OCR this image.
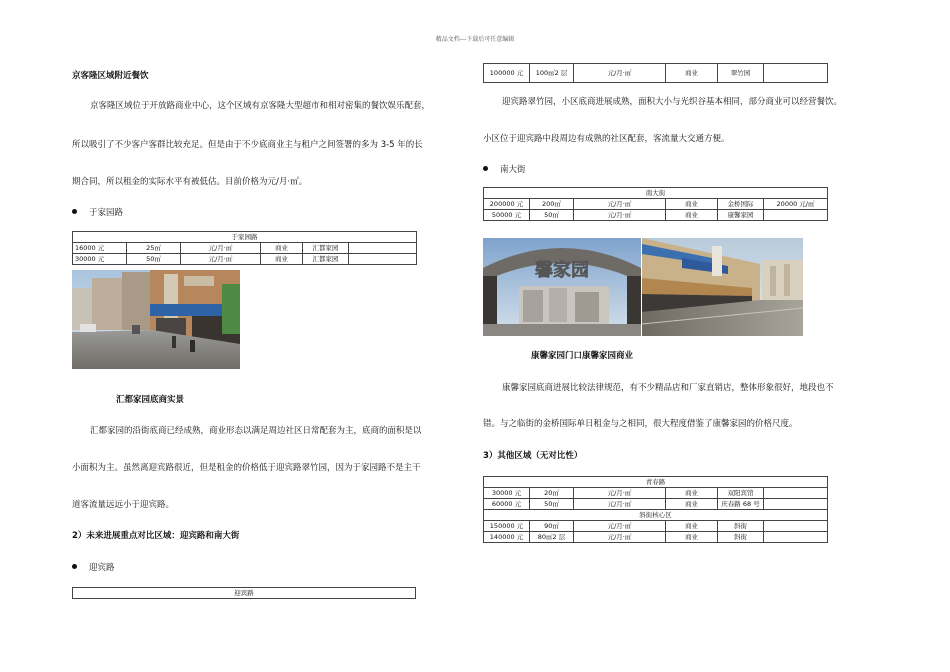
精品文档---下载后可任意编辑
京客隆区域附近餐饮
京客隆区域位于开放路商业中心，这个区域有京客隆大型超市和相对密集的餐饮娱乐配套，
所以吸引了不少客户客群比较充足。但是由于不少底商业主与租户之间签署的多为 3-5 年的长
期合同，所以租金的实际水平有被低估。目前价格为元/月·㎡。
于家园路
于家园路					
16000 元	25㎡	元/月·㎡	商业	汇都家园	
30000 元	50㎡	元/月·㎡	商业	汇都家园	
汇都家园底商实景
汇都家园的沿街底商已经成熟，商业形态以满足周边社区日常配套为主，底商的面积是以
小面积为主。虽然离迎宾路很近，但是租金的价格低于迎宾路翠竹园，因为于家园路不是主干
道客流量远远小于迎宾路。
2）未来进展重点对比区域：迎宾路和南大街
迎宾路
迎宾路
100000 元	100㎡2 层	元/月·㎡	商业	翠竹园	
迎宾路翠竹园，小区底商进展成熟，面积大小与光织谷基本相同，部分商业可以经营餐饮。
小区位于迎宾路中段周边有成熟的社区配套，客流量大交通方便。
南大街
南大街					
200000 元	200㎡	元/月·㎡	商业	金桥国际	20000 元/㎡
50000 元	50㎡	元/月·㎡	商业	康馨家园	
馨家园
康馨家园门口康馨家园商业
康馨家园底商进展比较法律规范，有不少精品店和厂家直销店，整体形象很好，地段也不
错。与之临街的金桥国际单日租金与之相同，很大程度借鉴了康馨家园的价格尺度。
3）其他区域（无对比性）
青春路					
30000 元	20㎡	元/月·㎡	商业	双阳宾馆	
60000 元	50㎡	元/月·㎡	商业	庆春路 68 号	
斜街核心区					
150000 元	90㎡	元/月·㎡	商业	斜街	
140000 元	80㎡2 层	元/月·㎡	商业	斜街	
